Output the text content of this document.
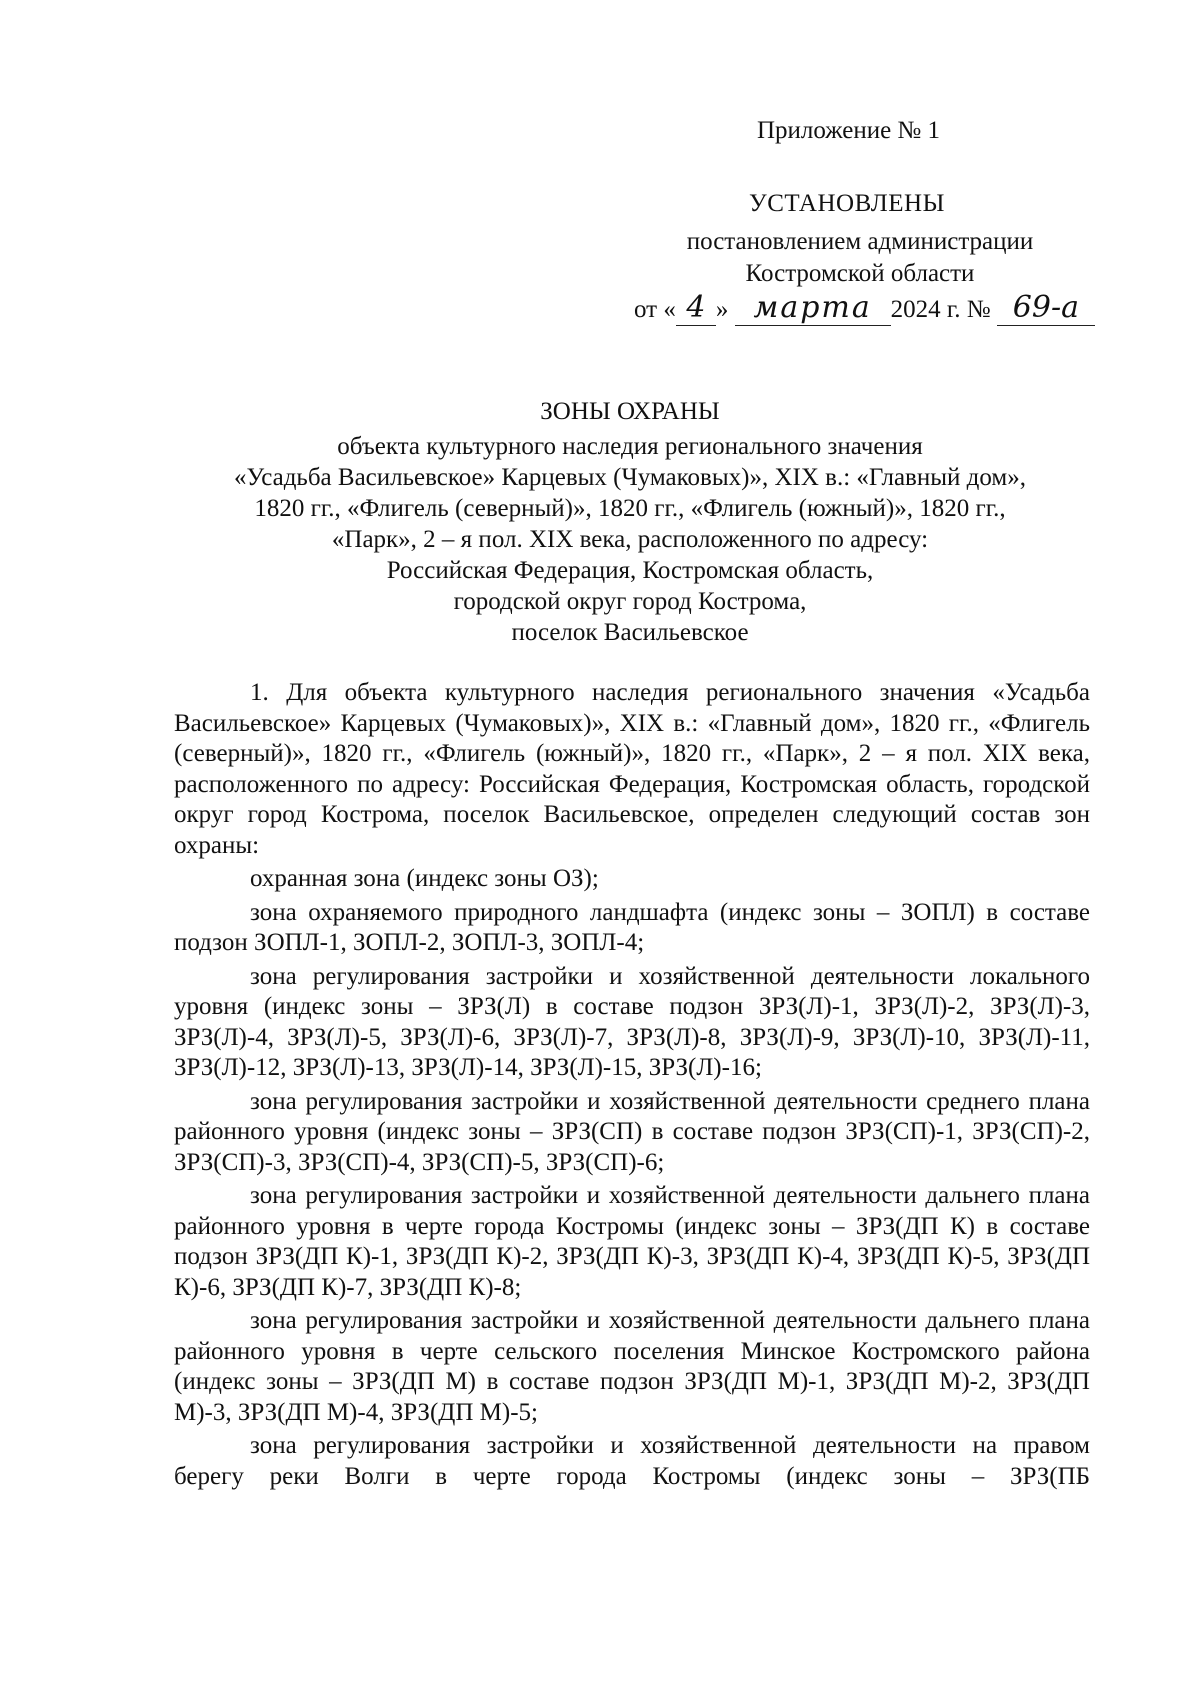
Приложение № 1
УСТАНОВЛЕНЫ
постановлением администрации
Костромской области
от « 4 » марта 2024 г. № 69-а
ЗОНЫ ОХРАНЫ
объекта культурного наследия регионального значения
«Усадьба Васильевское» Карцевых (Чумаковых)», XIX в.: «Главный дом»,
1820 гг., «Флигель (северный)», 1820 гг., «Флигель (южный)», 1820 гг.,
«Парк», 2 – я пол. XIX века, расположенного по адресу:
Российская Федерация, Костромская область,
городской округ город Кострома,
поселок Васильевское

1. Для объекта культурного наследия регионального значения «Усадьба Васильевское» Карцевых (Чумаковых)», XIX в.: «Главный дом», 1820 гг., «Флигель (северный)», 1820 гг., «Флигель (южный)», 1820 гг., «Парк», 2 – я пол. XIX века, расположенного по адресу: Российская Федерация, Костромская область, городской округ город Кострома, поселок Васильевское, определен следующий состав зон охраны:

охранная зона (индекс зоны ОЗ);

зона охраняемого природного ландшафта (индекс зоны – ЗОПЛ) в составе подзон ЗОПЛ-1, ЗОПЛ-2, ЗОПЛ-3, ЗОПЛ-4;

зона регулирования застройки и хозяйственной деятельности локального уровня (индекс зоны – ЗРЗ(Л) в составе подзон ЗРЗ(Л)-1, ЗРЗ(Л)-2, ЗРЗ(Л)-3, ЗРЗ(Л)-4, ЗРЗ(Л)-5, ЗРЗ(Л)-6, ЗРЗ(Л)-7, ЗРЗ(Л)-8, ЗРЗ(Л)-9, ЗРЗ(Л)-10, ЗРЗ(Л)-11, ЗРЗ(Л)-12, ЗРЗ(Л)-13, ЗРЗ(Л)-14, ЗРЗ(Л)-15, ЗРЗ(Л)-16;

зона регулирования застройки и хозяйственной деятельности среднего плана районного уровня (индекс зоны – ЗРЗ(СП) в составе подзон ЗРЗ(СП)-1, ЗРЗ(СП)-2, ЗРЗ(СП)-3, ЗРЗ(СП)-4, ЗРЗ(СП)-5, ЗРЗ(СП)-6;

зона регулирования застройки и хозяйственной деятельности дальнего плана районного уровня в черте города Костромы (индекс зоны – ЗРЗ(ДП К) в составе подзон ЗРЗ(ДП К)-1, ЗРЗ(ДП К)-2, ЗРЗ(ДП К)-3, ЗРЗ(ДП К)-4, ЗРЗ(ДП К)-5, ЗРЗ(ДП К)-6, ЗРЗ(ДП К)-7, ЗРЗ(ДП К)-8;

зона регулирования застройки и хозяйственной деятельности дальнего плана районного уровня в черте сельского поселения Минское Костромского района (индекс зоны – ЗРЗ(ДП М) в составе подзон ЗРЗ(ДП М)-1, ЗРЗ(ДП М)-2, ЗРЗ(ДП М)-3, ЗРЗ(ДП М)-4, ЗРЗ(ДП М)-5;

зона регулирования застройки и хозяйственной деятельности на правом берегу реки Волги в черте города Костромы (индекс зоны – ЗРЗ(ПБ
